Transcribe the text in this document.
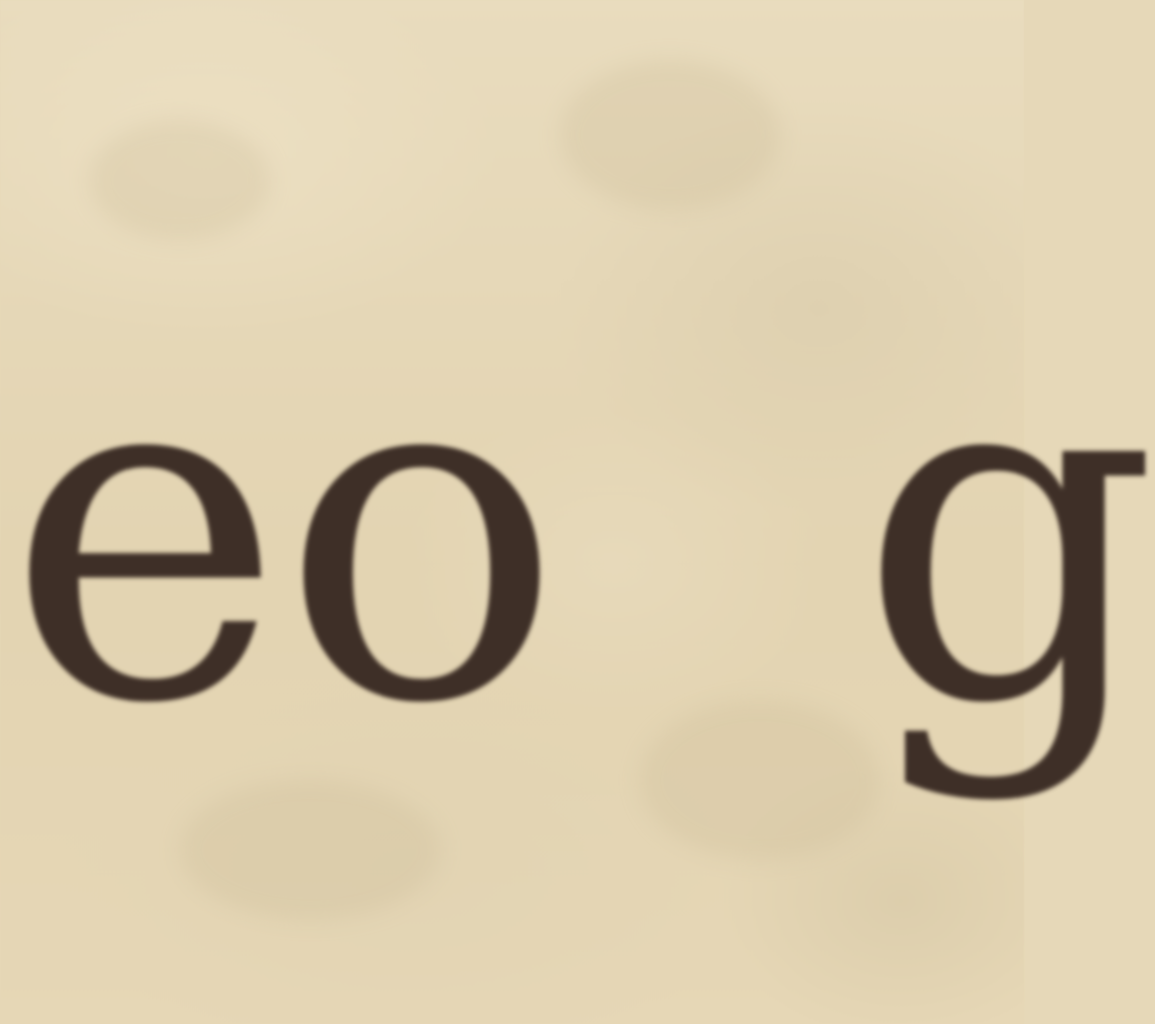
eo g
